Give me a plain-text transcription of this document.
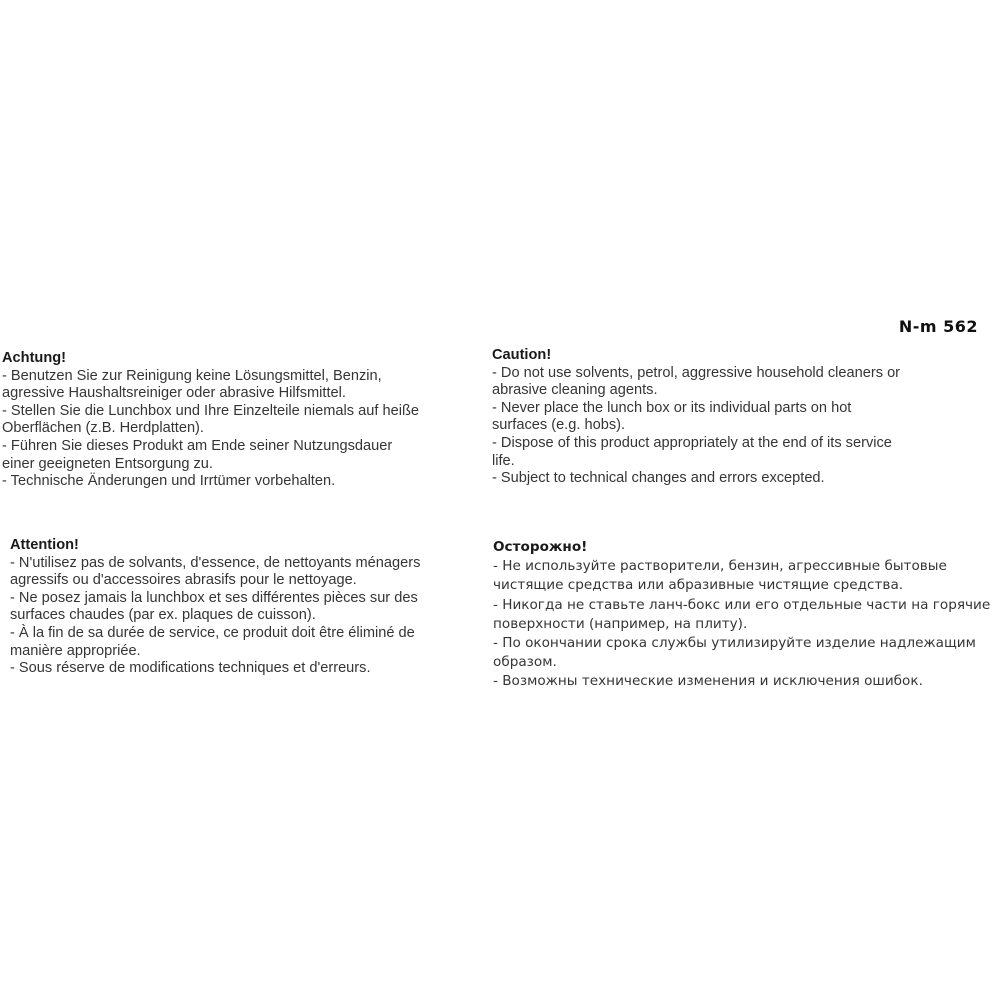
N-m 562

Achtung!

- Benutzen Sie zur Reinigung keine Lösungsmittel, Benzin,

agressive Haushaltsreiniger oder abrasive Hilfsmittel.

- Stellen Sie die Lunchbox und Ihre Einzelteile niemals auf heiße

Oberflächen (z.B. Herdplatten).

- Führen Sie dieses Produkt am Ende seiner Nutzungsdauer

einer geeigneten Entsorgung zu.

- Technische Änderungen und Irrtümer vorbehalten.

Caution!

- Do not use solvents, petrol, aggressive household cleaners or

abrasive cleaning agents.

- Never place the lunch box or its individual parts on hot

surfaces (e.g. hobs).

- Dispose of this product appropriately at the end of its service

life.

- Subject to technical changes and errors excepted.

Attention!

- N'utilisez pas de solvants, d'essence, de nettoyants ménagers

agressifs ou d'accessoires abrasifs pour le nettoyage.

- Ne posez jamais la lunchbox et ses différentes pièces sur des

surfaces chaudes (par ex. plaques de cuisson).

- À la fin de sa durée de service, ce produit doit être éliminé de

manière appropriée.

- Sous réserve de modifications techniques et d'erreurs.

Осторожно!

- Не используйте растворители, бензин, агрессивные бытовые

чистящие средства или абразивные чистящие средства.

- Никогда не ставьте ланч-бокс или его отдельные части на горячие

поверхности (например, на плиту).

- По окончании срока службы утилизируйте изделие надлежащим

образом.

- Возможны технические изменения и исключения ошибок.
